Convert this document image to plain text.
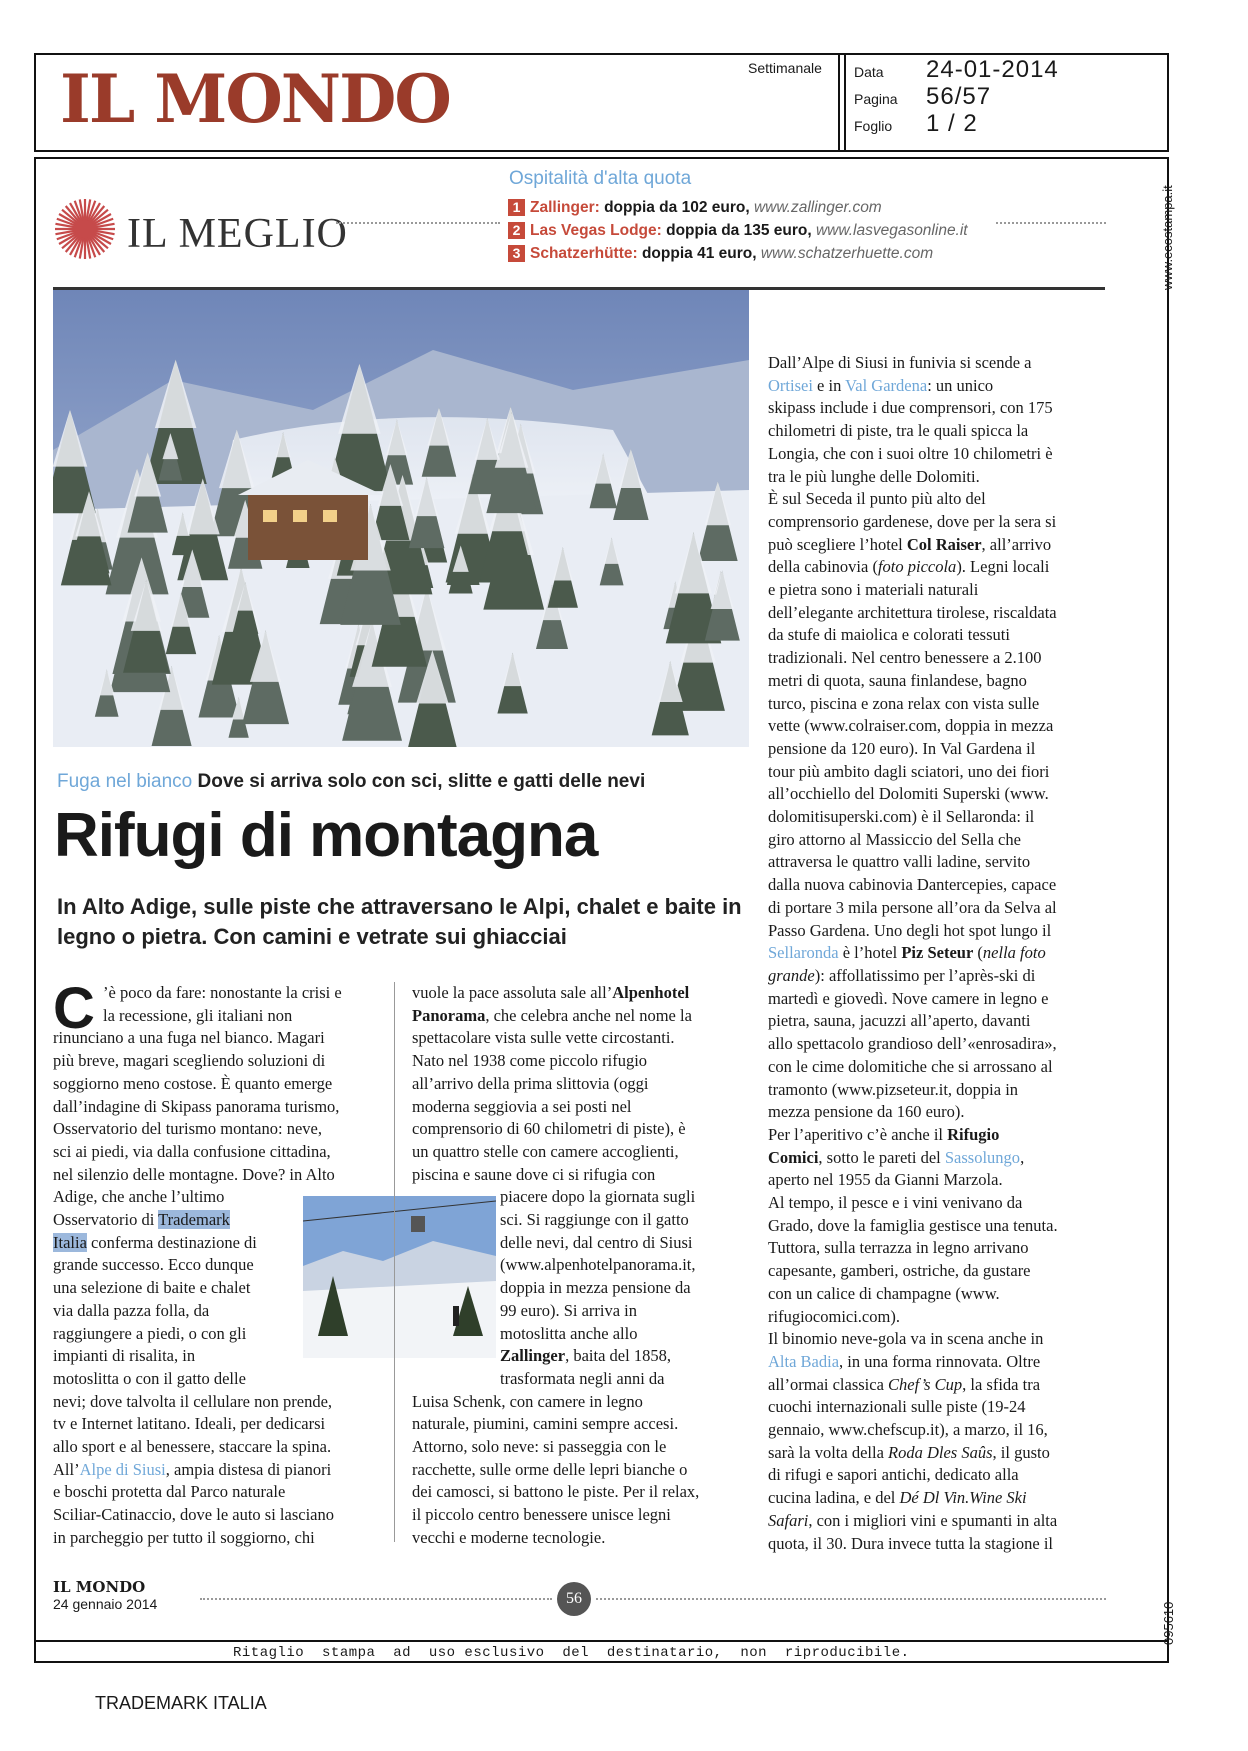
IL MONDO	Settimanale Data 24-01-2014
Pagina 56/57
Foglio 1 / 2
www.ecostampa.it
095610
IL MEGLIO
Ospitalità d'alta quota
1 Zallinger: doppia da 102 euro, www.zallinger.com
2 Las Vegas Lodge: doppia da 135 euro, www.lasvegasonline.it
3 Schatzerhütte: doppia 41 euro, www.schatzerhuette.com
Fuga nel bianco Dove si arriva solo con sci, slitte e gatti delle nevi
Rifugi di montagna
In Alto Adige, sulle piste che attraversano le Alpi, chalet e baite in legno o pietra. Con camini e vetrate sui ghiacciai
C ’è poco da fare: nonostante la crisi e

la recessione, gli italiani non

rinunciano a una fuga nel bianco. Magari

più breve, magari scegliendo soluzioni di

soggiorno meno costose. È quanto emerge

dall’indagine di Skipass panorama turismo,

Osservatorio del turismo montano: neve,

sci ai piedi, via dalla confusione cittadina,

nel silenzio delle montagne. Dove? in Alto

Adige, che anche l’ultimo

Osservatorio di Trademark

Italia conferma destinazione di

grande successo. Ecco dunque

una selezione di baite e chalet

via dalla pazza folla, da

raggiungere a piedi, o con gli

impianti di risalita, in

motoslitta o con il gatto delle

nevi; dove talvolta il cellulare non prende,

tv e Internet latitano. Ideali, per dedicarsi

allo sport e al benessere, staccare la spina.

All’Alpe di Siusi, ampia distesa di pianori

e boschi protetta dal Parco naturale

Sciliar-Catinaccio, dove le auto si lasciano

in parcheggio per tutto il soggiorno, chi

vuole la pace assoluta sale all’Alpenhotel

Panorama, che celebra anche nel nome la

spettacolare vista sulle vette circostanti.

Nato nel 1938 come piccolo rifugio

all’arrivo della prima slittovia (oggi

moderna seggiovia a sei posti nel

comprensorio di 60 chilometri di piste), è

un quattro stelle con camere accoglienti,

piscina e saune dove ci si rifugia con

piacere dopo la giornata sugli

sci. Si raggiunge con il gatto

delle nevi, dal centro di Siusi

(www.alpenhotelpanorama.it,

doppia in mezza pensione da

99 euro). Si arriva in

motoslitta anche allo

Zallinger, baita del 1858,

trasformata negli anni da

Luisa Schenk, con camere in legno

naturale, piumini, camini sempre accesi.

Attorno, solo neve: si passeggia con le

racchette, sulle orme delle lepri bianche o

dei camosci, si battono le piste. Per il relax,

il piccolo centro benessere unisce legni

vecchi e moderne tecnologie.

Dall’Alpe di Siusi in funivia si scende a

Ortisei e in Val Gardena: un unico

skipass include i due comprensori, con 175

chilometri di piste, tra le quali spicca la

Longia, che con i suoi oltre 10 chilometri è

tra le più lunghe delle Dolomiti.

È sul Seceda il punto più alto del

comprensorio gardenese, dove per la sera si

può scegliere l’hotel Col Raiser, all’arrivo

della cabinovia (foto piccola). Legni locali

e pietra sono i materiali naturali

dell’elegante architettura tirolese, riscaldata

da stufe di maiolica e colorati tessuti

tradizionali. Nel centro benessere a 2.100

metri di quota, sauna finlandese, bagno

turco, piscina e zona relax con vista sulle

vette (www.colraiser.com, doppia in mezza

pensione da 120 euro). In Val Gardena il

tour più ambito dagli sciatori, uno dei fiori

all’occhiello del Dolomiti Superski (www.

dolomitisuperski.com) è il Sellaronda: il

giro attorno al Massiccio del Sella che

attraversa le quattro valli ladine, servito

dalla nuova cabinovia Dantercepies, capace

di portare 3 mila persone all’ora da Selva al

Passo Gardena. Uno degli hot spot lungo il

Sellaronda è l’hotel Piz Seteur (nella foto

grande): affollatissimo per l’après-ski di

martedì e giovedì. Nove camere in legno e

pietra, sauna, jacuzzi all’aperto, davanti

allo spettacolo grandioso dell’«enrosadira»,

con le cime dolomitiche che si arrossano al

tramonto (www.pizseteur.it, doppia in

mezza pensione da 160 euro).

Per l’aperitivo c’è anche il Rifugio

Comici, sotto le pareti del Sassolungo,

aperto nel 1955 da Gianni Marzola.

Al tempo, il pesce e i vini venivano da

Grado, dove la famiglia gestisce una tenuta.

Tuttora, sulla terrazza in legno arrivano

capesante, gamberi, ostriche, da gustare

con un calice di champagne (www.

rifugiocomici.com).

Il binomio neve-gola va in scena anche in

Alta Badia, in una forma rinnovata. Oltre

all’ormai classica Chef’s Cup, la sfida tra

cuochi internazionali sulle piste (19-24

gennaio, www.chefscup.it), a marzo, il 16,

sarà la volta della Roda Dles Saûs, il gusto

di rifugi e sapori antichi, dedicato alla

cucina ladina, e del Dé Dl Vin.Wine Ski

Safari, con i migliori vini e spumanti in alta

quota, il 30. Dura invece tutta la stagione il

IL MONDO
24 gennaio 2014	56
Ritaglio  stampa  ad  uso esclusivo  del  destinatario,  non  riproducibile.
TRADEMARK ITALIA
